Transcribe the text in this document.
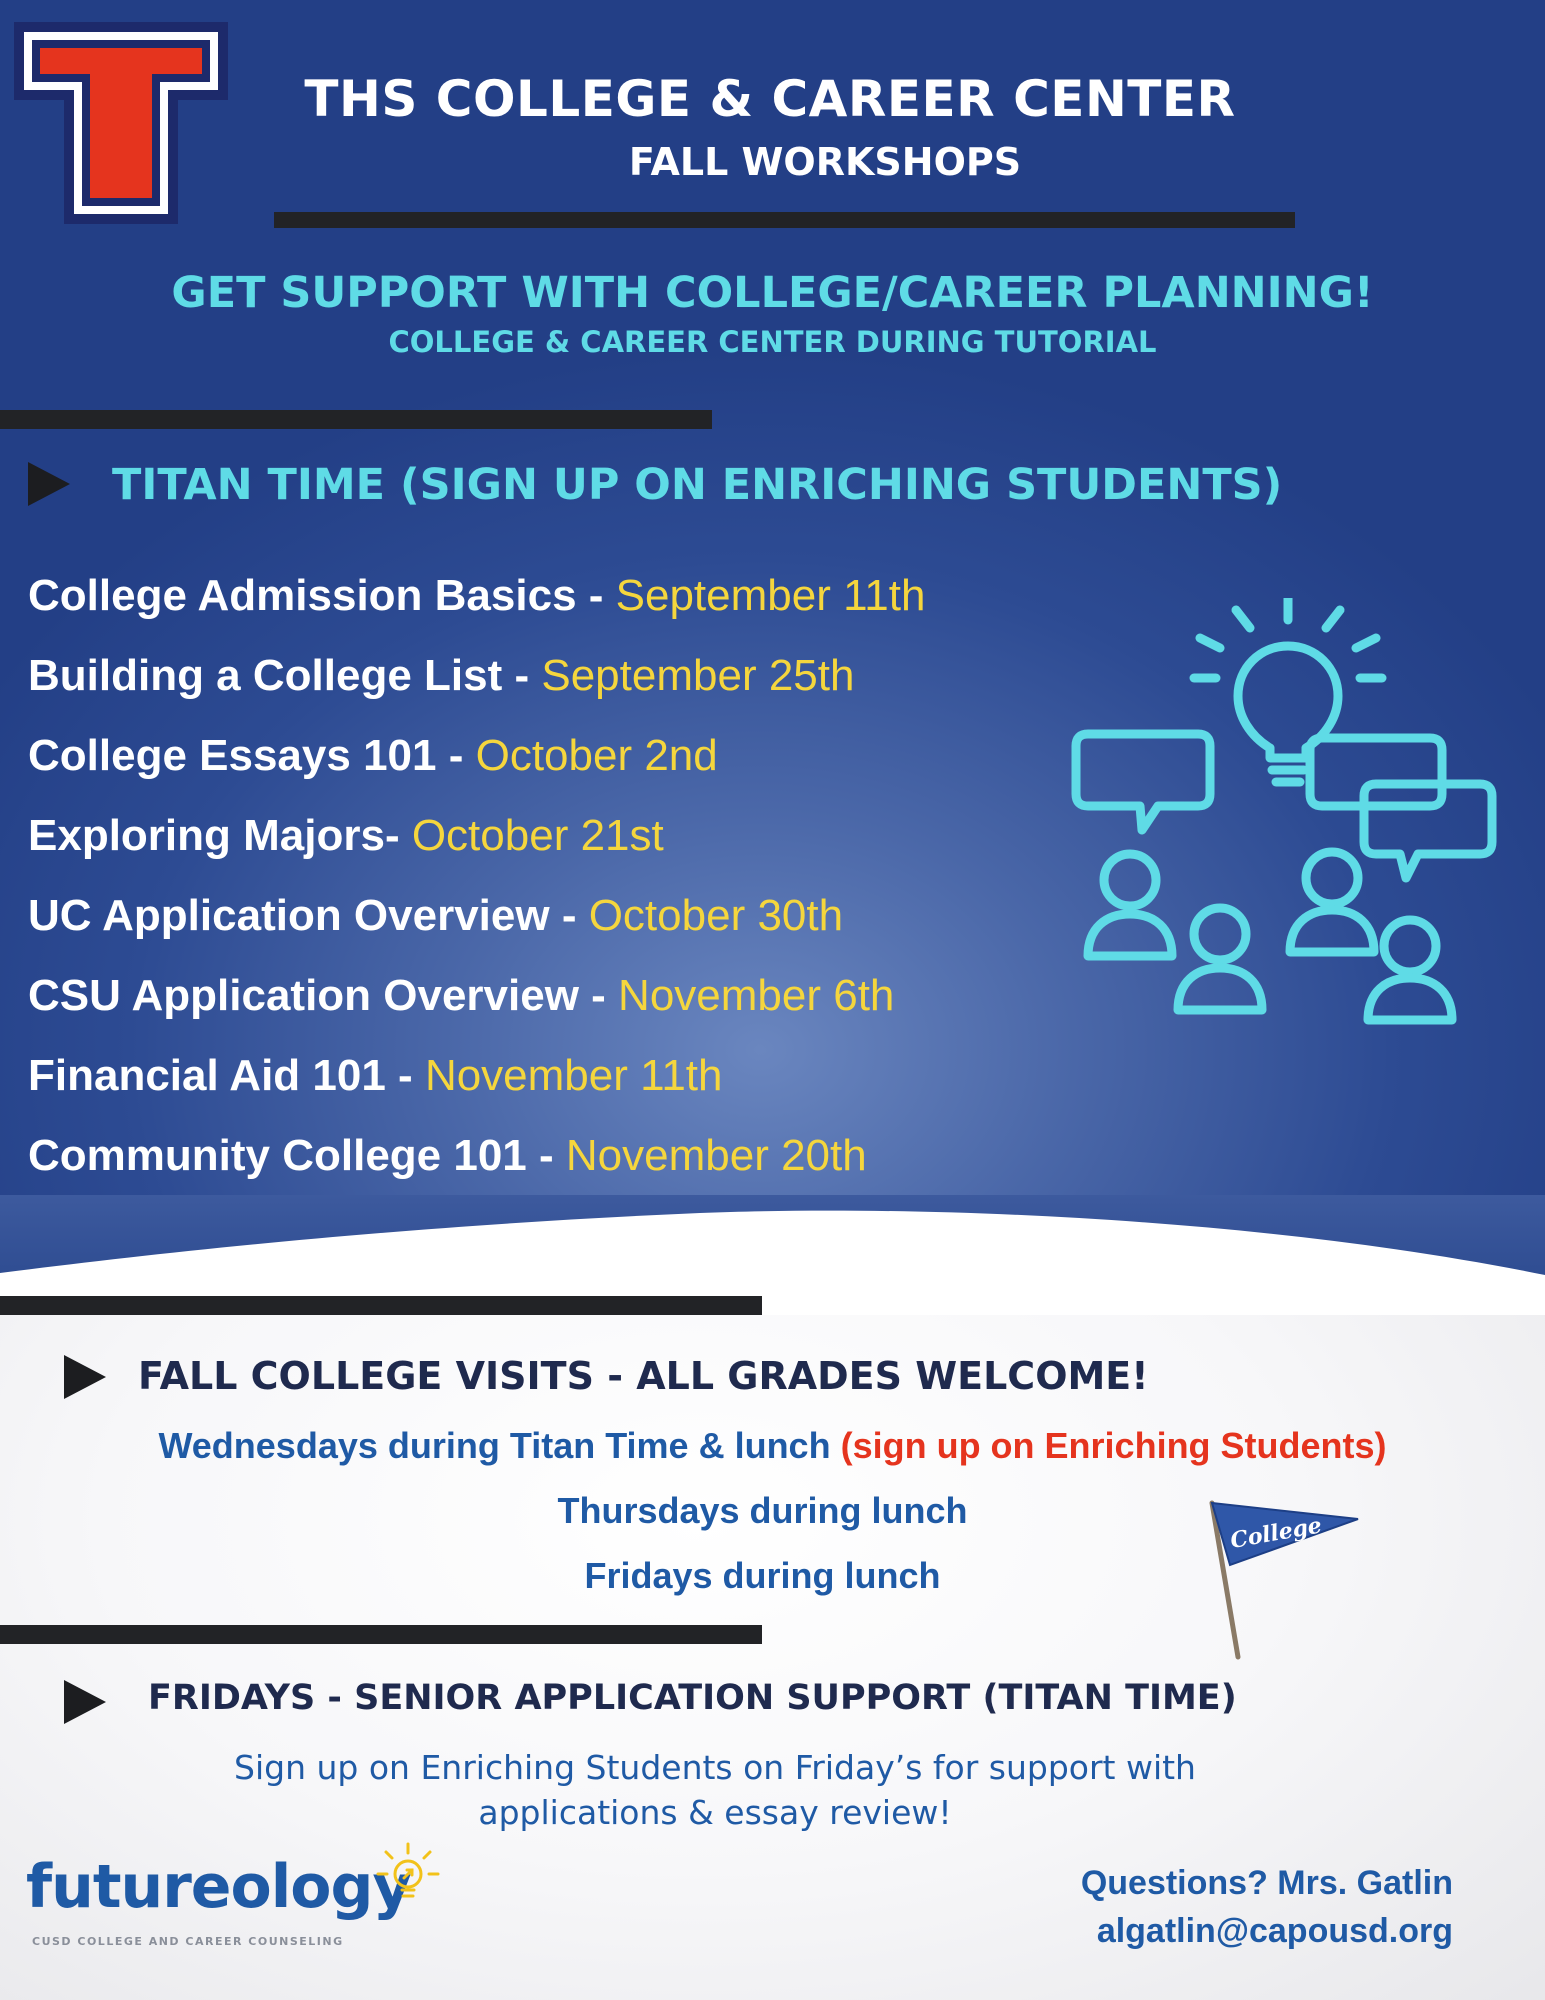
THS COLLEGE & CAREER CENTER
FALL WORKSHOPS
GET SUPPORT WITH COLLEGE/CAREER PLANNING!
COLLEGE & CAREER CENTER DURING TUTORIAL
TITAN TIME (SIGN UP ON ENRICHING STUDENTS)
College Admission Basics - September 11th
Building a College List - September 25th
College Essays 101 - October 2nd
Exploring Majors- October 21st
UC Application Overview - October 30th
CSU Application Overview - November 6th
Financial Aid 101 - November 11th
Community College 101 - November 20th
FALL COLLEGE VISITS - ALL GRADES WELCOME!
Wednesdays during Titan Time & lunch (sign up on Enriching Students)
Thursdays during lunch
Fridays during lunch
College
FRIDAYS - SENIOR APPLICATION SUPPORT (TITAN TIME)
Sign up on Enriching Students on Friday’s for support with
applications & essay review!
futureology
CUSD COLLEGE AND CAREER COUNSELING
Questions? Mrs. Gatlin
algatlin@capousd.org
